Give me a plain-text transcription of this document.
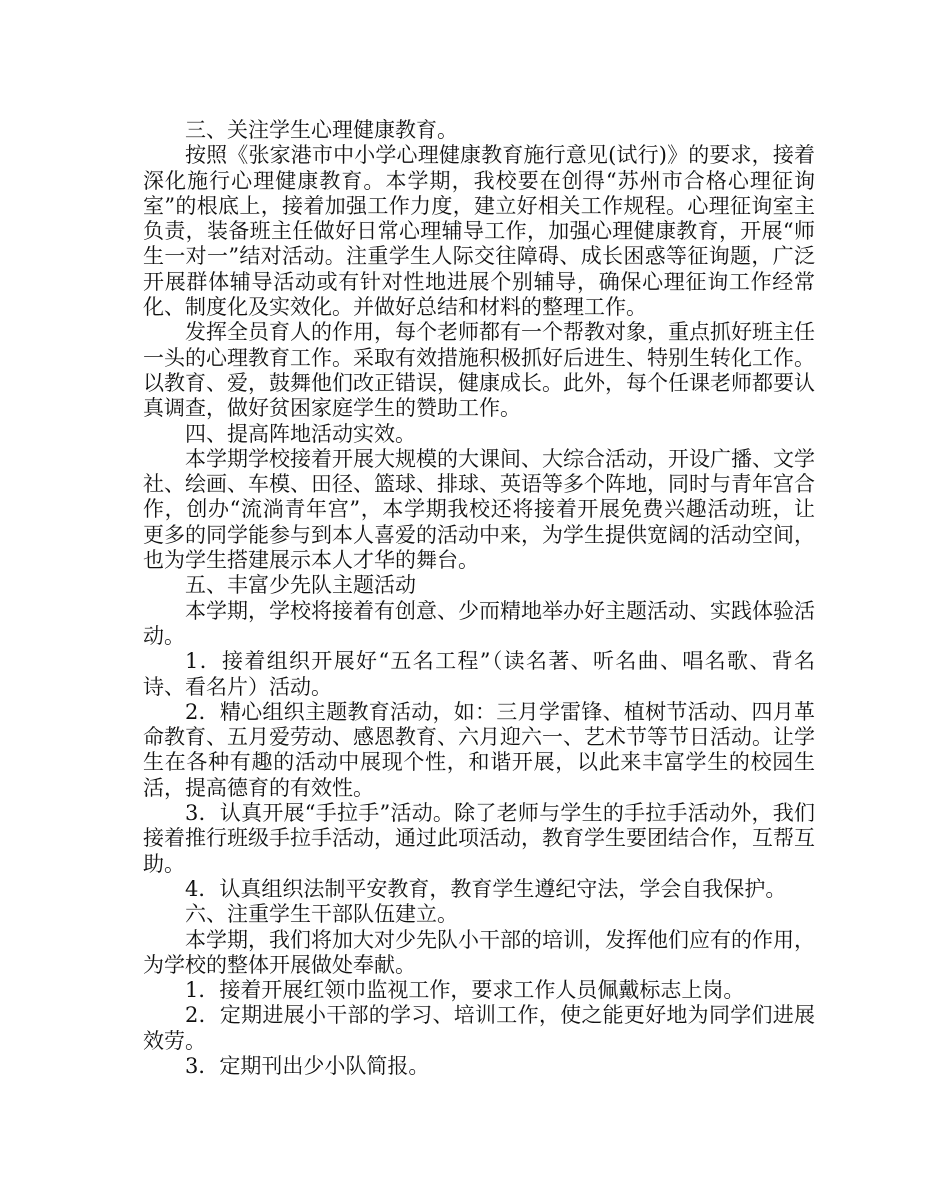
三、关注学生心理健康教育。

按照《张家港市中小学心理健康教育施行意见(试行)》的要求，接着深化施行心理健康教育。本学期，我校要在创得“苏州市合格心理征询室”的根底上，接着加强工作力度，建立好相关工作规程。心理征询室主负责，装备班主任做好日常心理辅导工作，加强心理健康教育，开展“师生一对一”结对活动。注重学生人际交往障碍、成长困惑等征询题，广泛开展群体辅导活动或有针对性地进展个别辅导，确保心理征询工作经常化、制度化及实效化。并做好总结和材料的整理工作。

发挥全员育人的作用，每个老师都有一个帮教对象，重点抓好班主任一头的心理教育工作。采取有效措施积极抓好后进生、特别生转化工作。以教育、爱，鼓舞他们改正错误，健康成长。此外，每个任课老师都要认真调查，做好贫困家庭学生的赞助工作。

四、提高阵地活动实效。

本学期学校接着开展大规模的大课间、大综合活动，开设广播、文学社、绘画、车模、田径、篮球、排球、英语等多个阵地，同时与青年宫合作，创办“流淌青年宫”，本学期我校还将接着开展免费兴趣活动班，让更多的同学能参与到本人喜爱的活动中来，为学生提供宽阔的活动空间，也为学生搭建展示本人才华的舞台。

五、丰富少先队主题活动

本学期，学校将接着有创意、少而精地举办好主题活动、实践体验活动。

1．接着组织开展好“五名工程”（读名著、听名曲、唱名歌、背名诗、看名片）活动。

2．精心组织主题教育活动，如：三月学雷锋、植树节活动、四月革命教育、五月爱劳动、感恩教育、六月迎六一、艺术节等节日活动。让学生在各种有趣的活动中展现个性，和谐开展，以此来丰富学生的校园生活，提高德育的有效性。

3．认真开展“手拉手”活动。除了老师与学生的手拉手活动外，我们接着推行班级手拉手活动，通过此项活动，教育学生要团结合作，互帮互助。

4．认真组织法制平安教育，教育学生遵纪守法，学会自我保护。

六、注重学生干部队伍建立。

本学期，我们将加大对少先队小干部的培训，发挥他们应有的作用，为学校的整体开展做处奉献。

1．接着开展红领巾监视工作，要求工作人员佩戴标志上岗。

2．定期进展小干部的学习、培训工作，使之能更好地为同学们进展效劳。

3．定期刊出少小队简报。
